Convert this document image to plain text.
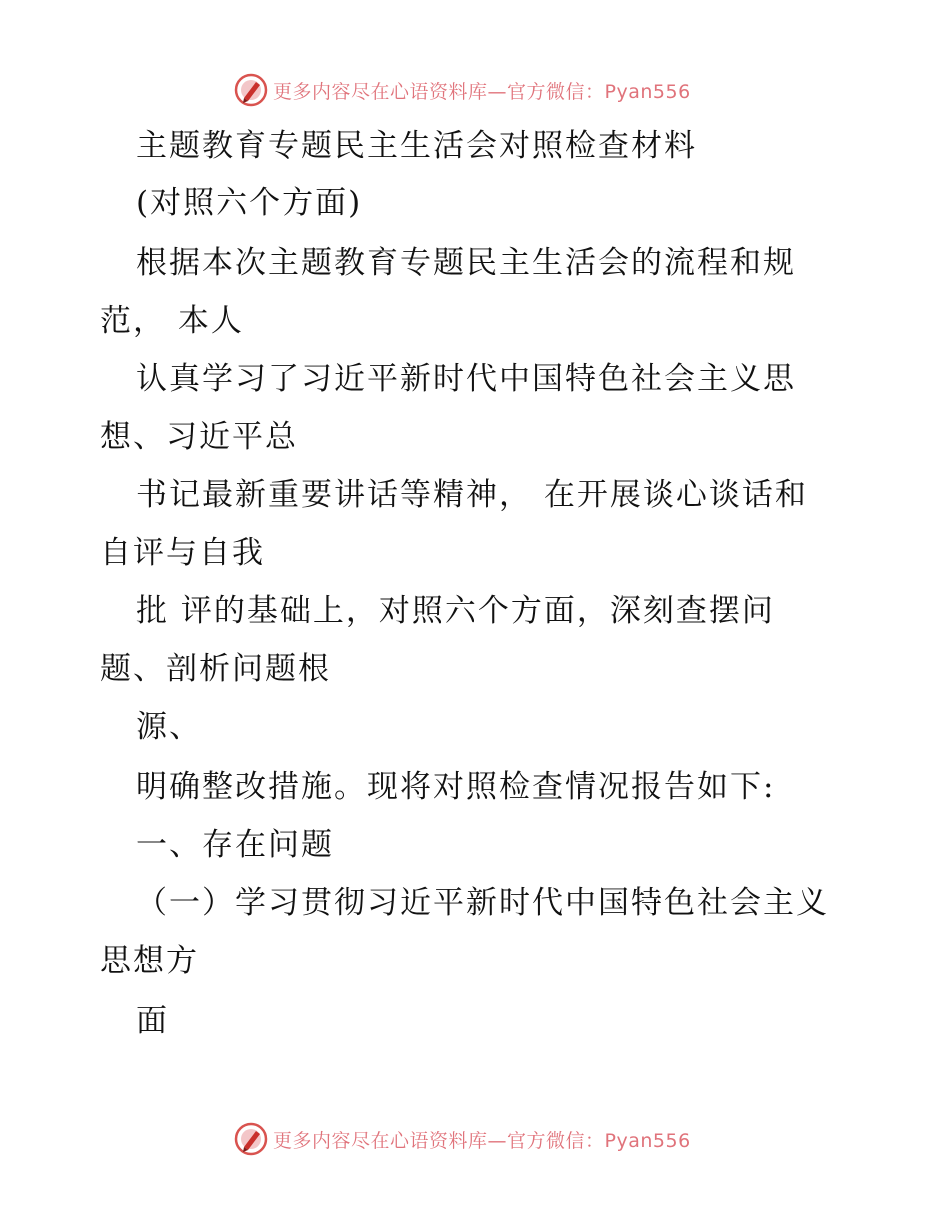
更多内容尽在心语资料库—官方微信：Pyan556
主题教育专题民主生活会对照检查材料
(对照六个方面)
根据本次主题教育专题民主生活会的流程和规
范， 本人
认真学习了习近平新时代中国特色社会主义思
想、习近平总
书记最新重要讲话等精神， 在开展谈心谈话和
自评与自我
批 评的基础上，对照六个方面，深刻查摆问
题、剖析问题根
源、
明确整改措施。现将对照检查情况报告如下:
一、存在问题
（一）学习贯彻习近平新时代中国特色社会主义
思想方
面
更多内容尽在心语资料库—官方微信：Pyan556
